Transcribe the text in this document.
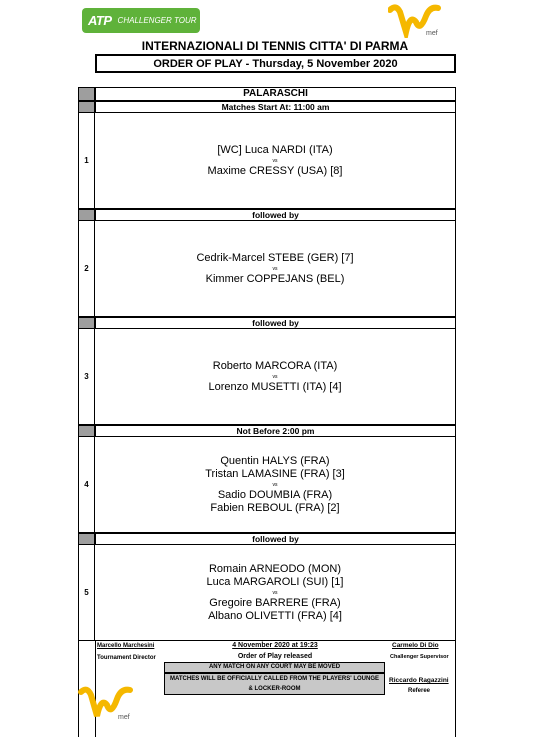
ATP CHALLENGER TOUR
mef
INTERNAZIONALI DI TENNIS CITTA' DI PARMA
ORDER OF PLAY - Thursday, 5 November 2020
PALARASCHI
Matches Start At: 11:00 am
1
[WC] Luca NARDI (ITA)
vs
Maxime CRESSY (USA) [8]
followed by
2
Cedrik-Marcel STEBE (GER) [7]
vs
Kimmer COPPEJANS (BEL)
followed by
3
Roberto MARCORA (ITA)
vs
Lorenzo MUSETTI (ITA) [4]
Not Before 2:00 pm
4
Quentin HALYS (FRA)
Tristan LAMASINE (FRA) [3]
vs
Sadio DOUMBIA (FRA)
Fabien REBOUL (FRA) [2]
followed by
5
Romain ARNEODO (MON)
Luca MARGAROLI (SUI) [1]
vs
Gregoire BARRERE (FRA)
Albano OLIVETTI (FRA) [4]
Marcello Marchesini
Tournament Director
4 November 2020 at 19:23
Order of Play released
ANY MATCH ON ANY COURT MAY BE MOVED
MATCHES WILL BE OFFICIALLY CALLED FROM THE PLAYERS' LOUNGE & LOCKER-ROOM
Carmelo Di Dio
Challenger Supervisor
Riccardo Ragazzini
Referee
mef
